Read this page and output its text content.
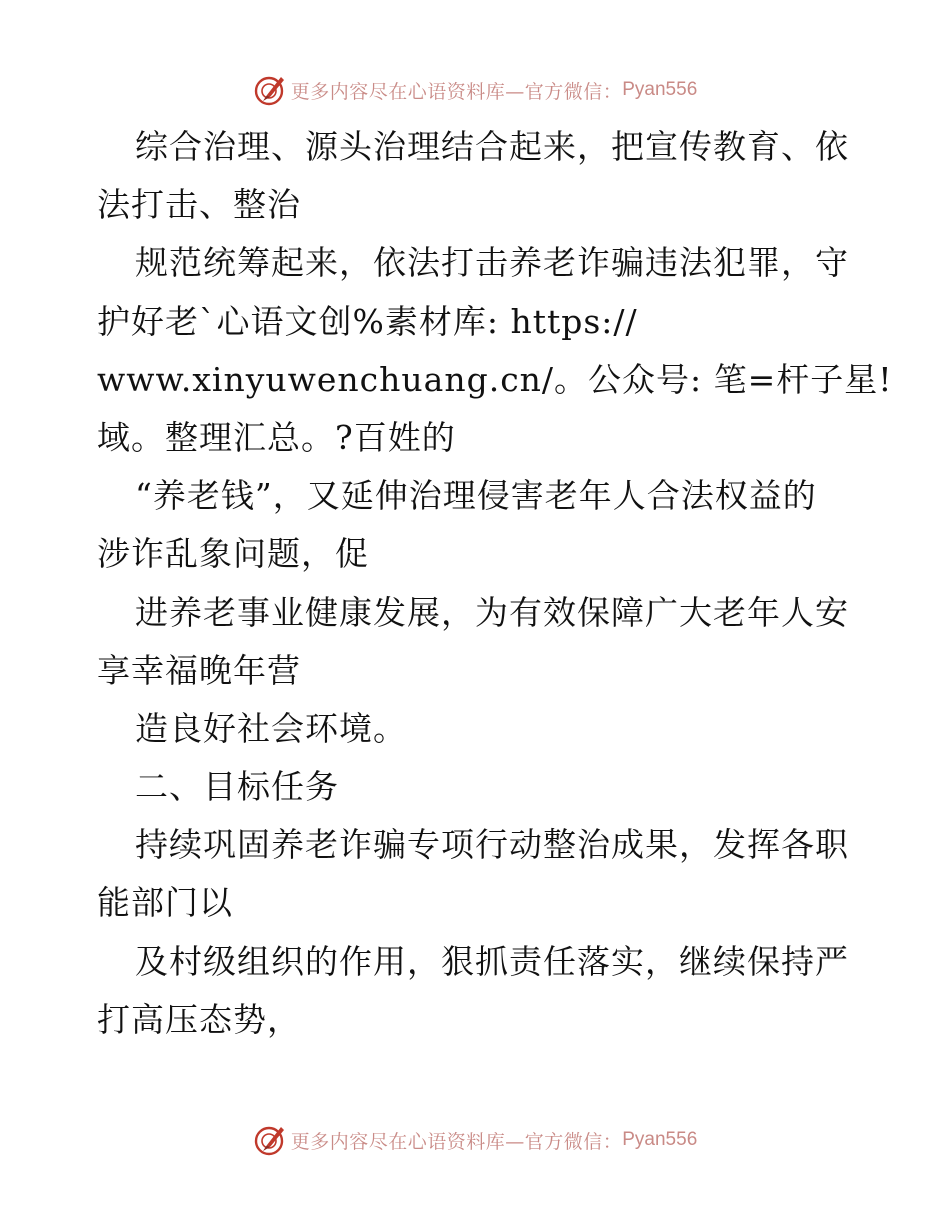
更多内容尽在心语资料库—官方微信： Pyan556
综合治理、源头治理结合起来，把宣传教育、依
法打击、整治
规范统筹起来，依法打击养老诈骗违法犯罪，守
护好老`心语文创%素材库: https://
www.xinyuwenchuang.cn/。公众号: 笔=杆子星!
域。整理汇总。?百姓的
“养老钱”，又延伸治理侵害老年人合法权益的
涉诈乱象问题，促
进养老事业健康发展，为有效保障广大老年人安
享幸福晚年营
造良好社会环境。
二、目标任务
持续巩固养老诈骗专项行动整治成果，发挥各职
能部门以
及村级组织的作用，狠抓责任落实，继续保持严
打高压态势，
更多内容尽在心语资料库—官方微信： Pyan556
